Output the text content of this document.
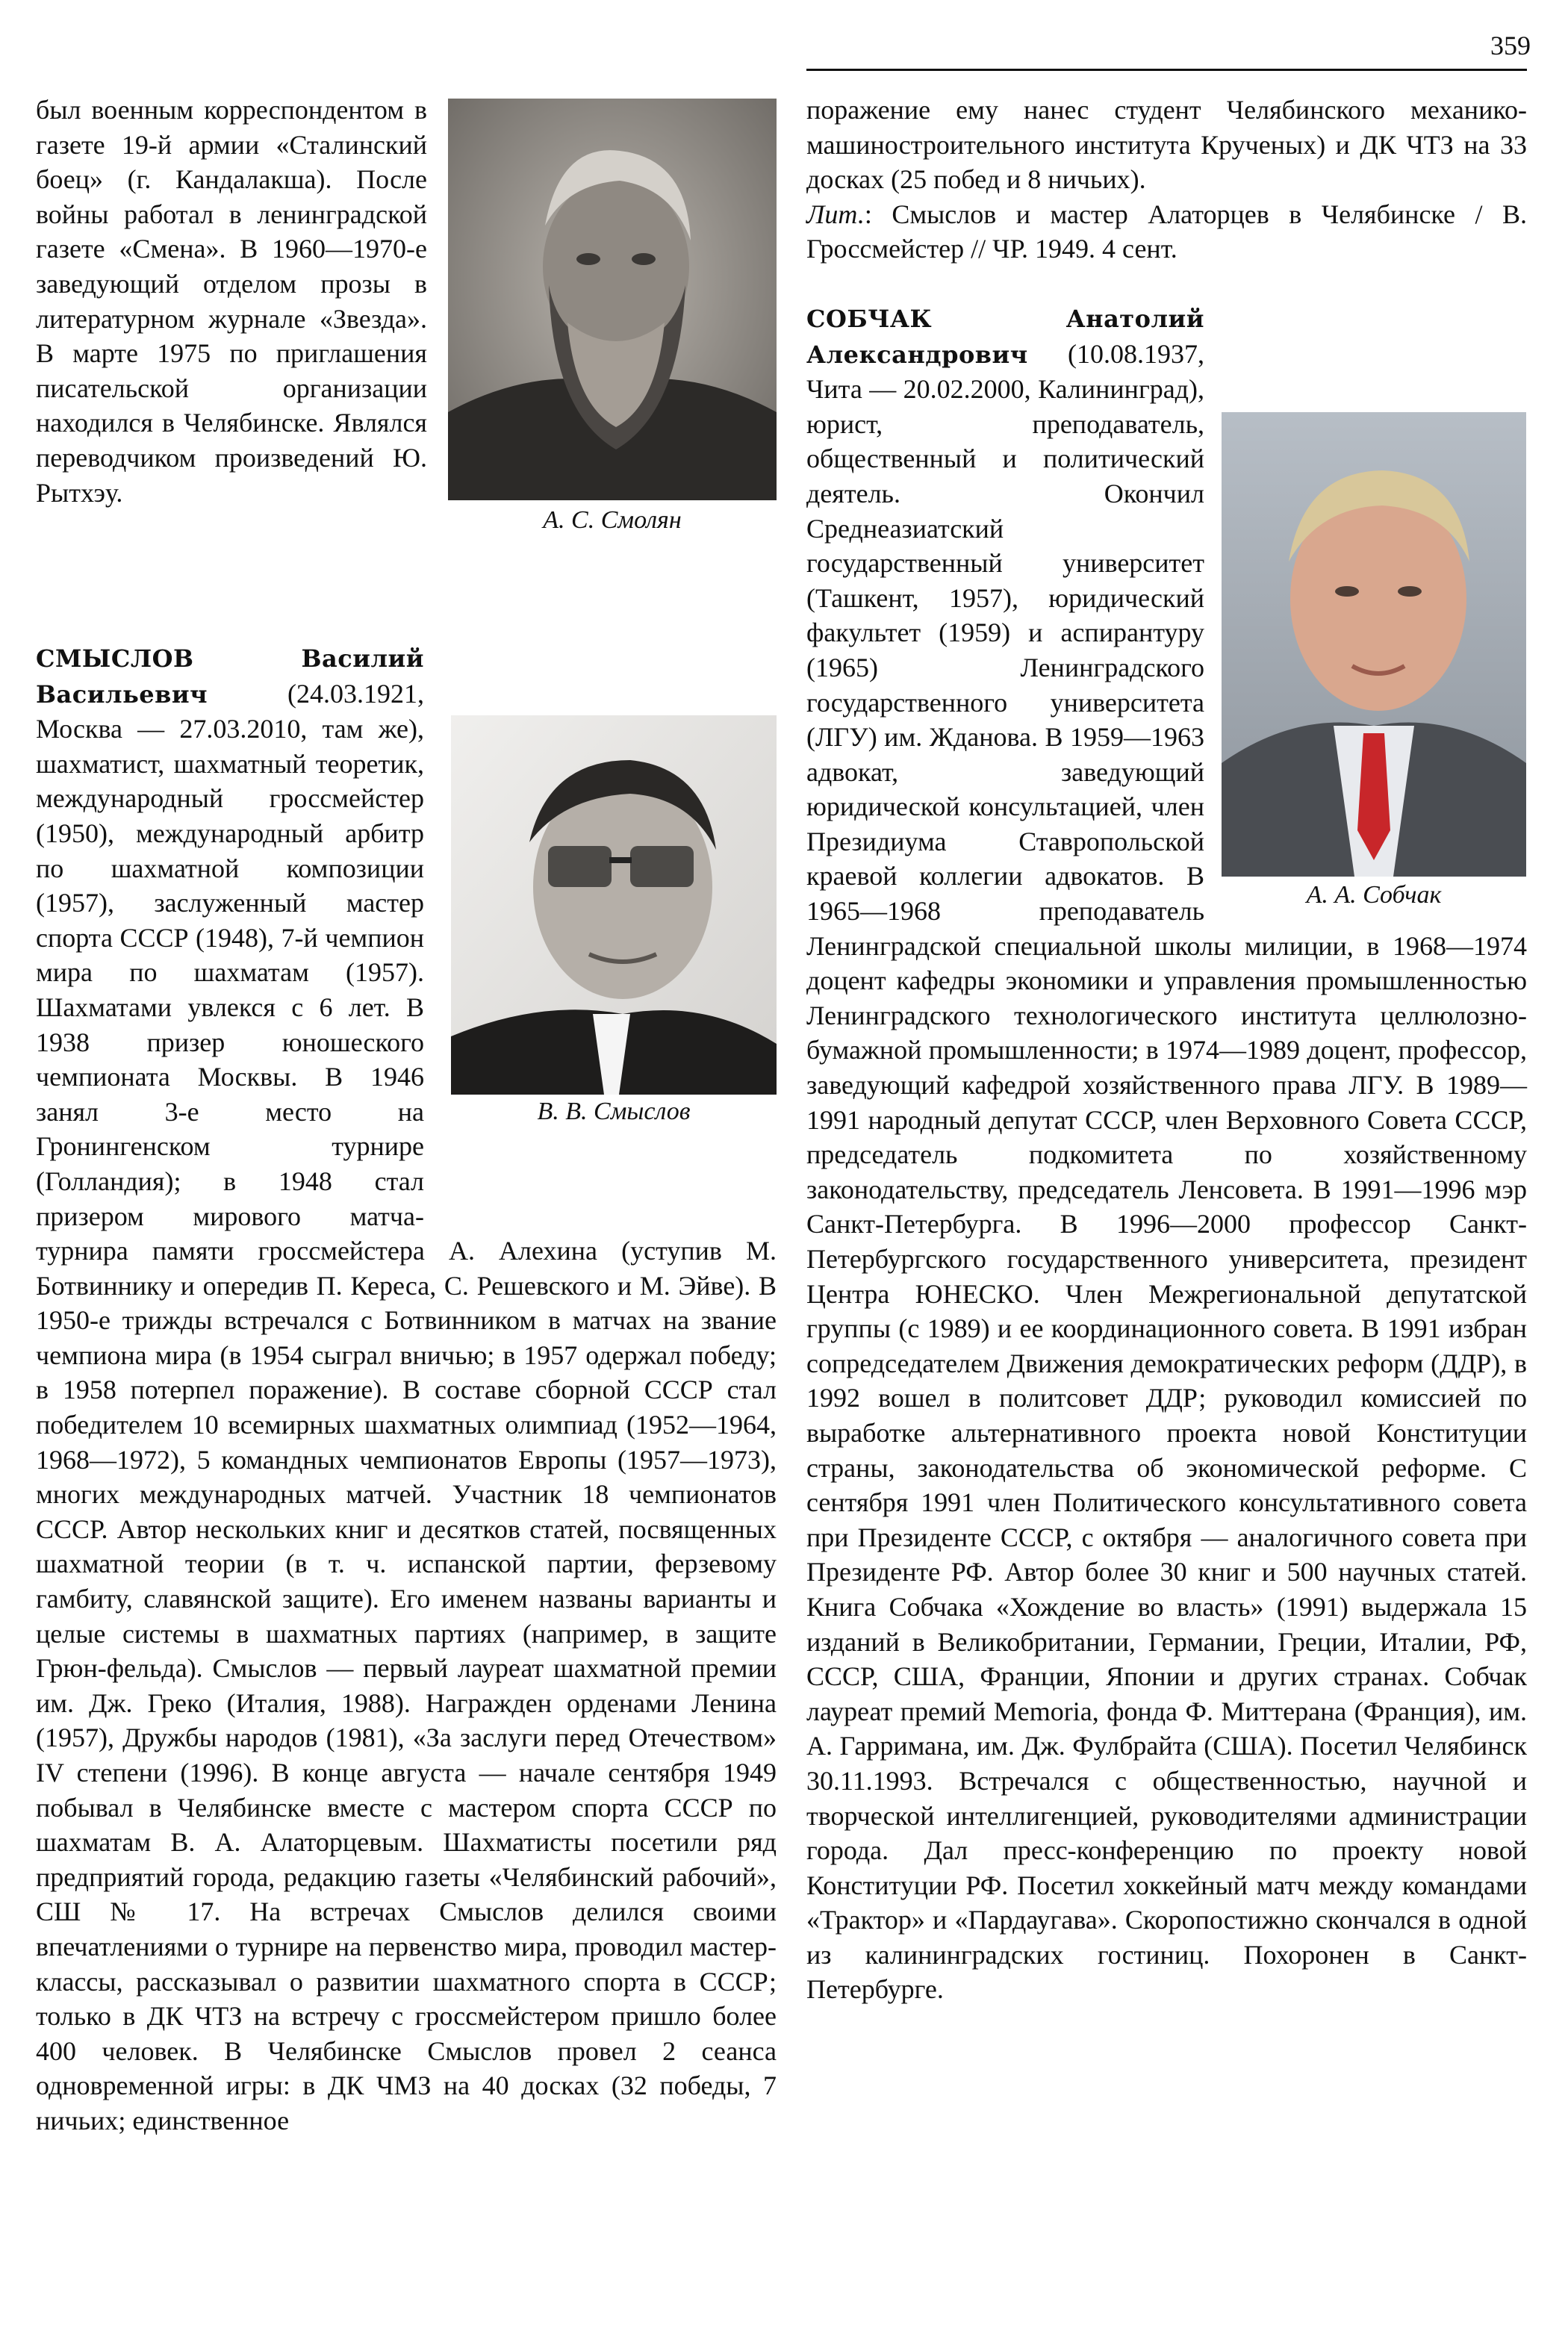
359
А. С. Смолян
В. В. Смыслов
А. А. Собчак

был военным корреспондентом в газете 19-й армии «Сталинский боец» (г. Кандалакша). После войны работал в ленинградской газете «Смена». В 1960—1970-е заведующий отделом прозы в литературном журнале «Звезда». В марте 1975 по приглашения писательской организации находился в Челябинске. Являлся переводчиком произведений Ю. Рытхэу.

СМЫСЛОВ Василий Васильевич (24.03.1921, Москва — 27.03.2010, там же), шахматист, шахматный теоретик, международный гроссмейстер (1950), международный арбитр по шахматной композиции (1957), заслуженный мастер спорта СССР (1948), 7-й чемпион мира по шахматам (1957). Шахматами увлекся с 6 лет. В 1938 призер юношеского чемпионата Москвы. В 1946 занял 3-е место на Гронингенском турнире (Голландия); в 1948 стал призером мирового матча-турнира памяти гроссмейстера А. Алехина (уступив М. Ботвиннику и опередив П. Кереса, С. Решевского и М. Эйве). В 1950-е трижды встречался с Ботвинником в матчах на звание чемпиона мира (в 1954 сыграл вничью; в 1957 одержал победу; в 1958 потерпел поражение). В составе сборной СССР стал победителем 10 всемирных шахматных олимпиад (1952—1964, 1968—1972), 5 командных чемпионатов Европы (1957—1973), многих международных матчей. Участник 18 чемпионатов СССР. Автор нескольких книг и десятков статей, посвященных шахматной теории (в т. ч. испанской партии, ферзевому гамбиту, славянской защите). Его именем названы варианты и целые системы в шахматных партиях (например, в защите Грюн-фельда). Смыслов — первый лауреат шахматной премии им. Дж. Греко (Италия, 1988). Награжден орденами Ленина (1957), Дружбы народов (1981), «За заслуги перед Отечеством» IV степени (1996). В конце августа — начале сентября 1949 побывал в Челябинске вместе с мастером спорта СССР по шахматам В. А. Алаторцевым. Шахматисты посетили ряд предприятий города, редакцию газеты «Челябинский рабочий», СШ № 17. На встречах Смыслов делился своими впечатлениями о турнире на первенство мира, проводил мастер-классы, рассказывал о развитии шахматного спорта в СССР; только в ДК ЧТЗ на встречу с гроссмейстером пришло более 400 человек. В Челябинске Смыслов провел 2 сеанса одновременной игры: в ДК ЧМЗ на 40 досках (32 победы, 7 ничьих; единственное

поражение ему нанес студент Челябинского механико-машиностроительного института Крученых) и ДК ЧТЗ на 33 досках (25 побед и 8 ничьих).

Лит.: Смыслов и мастер Алаторцев в Челябинске / В. Гроссмейстер // ЧР. 1949. 4 сент.

СОБЧАК Анатолий Александрович (10.08.1937, Чита — 20.02.2000, Калининград), юрист, преподаватель, общественный и политический деятель. Окончил Среднеазиатский государственный университет (Ташкент, 1957), юридический факультет (1959) и аспирантуру (1965) Ленинградского государственного университета (ЛГУ) им. Жданова. В 1959—1963 адвокат, заведующий юридической консультацией, член Президиума Ставропольской краевой коллегии адвокатов. В 1965—1968 преподаватель Ленинградской специальной школы милиции, в 1968—1974 доцент кафедры экономики и управления промышленностью Ленинградского технологического института целлюлозно-бумажной промышленности; в 1974—1989 доцент, профессор, заведующий кафедрой хозяйственного права ЛГУ. В 1989—1991 народный депутат СССР, член Верховного Совета СССР, председатель подкомитета по хозяйственному законодательству, председатель Ленсовета. В 1991—1996 мэр Санкт-Петербурга. В 1996—2000 профессор Санкт-Петербургского государственного университета, президент Центра ЮНЕСКО. Член Межрегиональной депутатской группы (с 1989) и ее координационного совета. В 1991 избран сопредседателем Движения демократических реформ (ДДР), в 1992 вошел в политсовет ДДР; руководил комиссией по выработке альтернативного проекта новой Конституции страны, законодательства об экономической реформе. С сентября 1991 член Политического консультативного совета при Президенте СССР, с октября — аналогичного совета при Президенте РФ. Автор более 30 книг и 500 научных статей. Книга Собчака «Хождение во власть» (1991) выдержала 15 изданий в Великобритании, Германии, Греции, Италии, РФ, СССР, США, Франции, Японии и других странах. Собчак лауреат премий Memoria, фонда Ф. Миттерана (Франция), им. А. Гарримана, им. Дж. Фулбрайта (США). Посетил Челябинск 30.11.1993. Встречался с общественностью, научной и творческой интеллигенцией, руководителями администрации города. Дал пресс-конференцию по проекту новой Конституции РФ. Посетил хоккейный матч между командами «Трактор» и «Пардаугава». Скоропостижно скончался в одной из калининградских гостиниц. Похоронен в Санкт-Петербурге.
